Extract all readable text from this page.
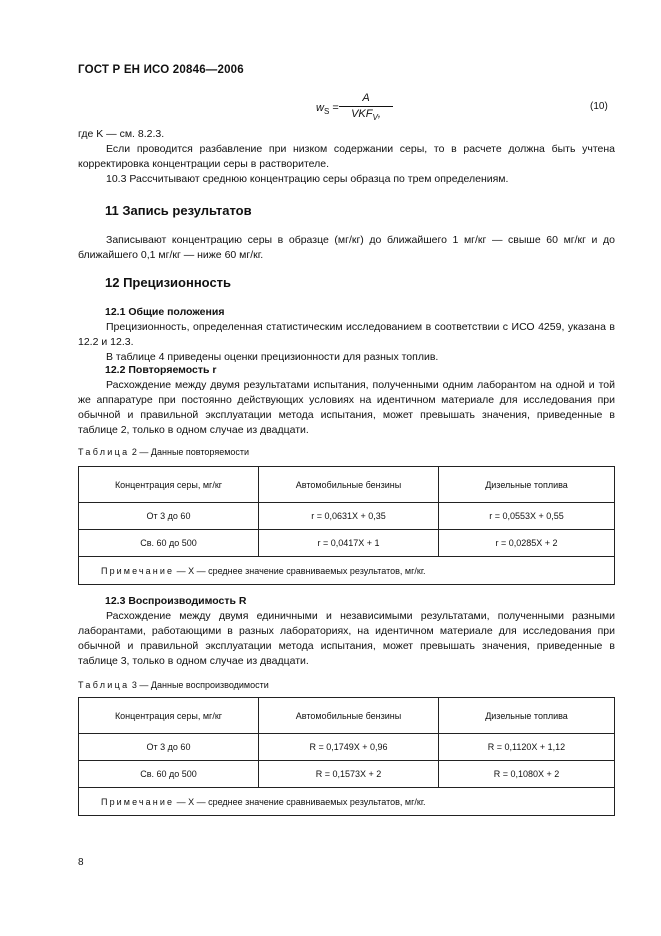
ГОСТ Р ЕН ИСО 20846—2006
$w_S$ =
A
$VKF_V$,
(10)
где K — см. 8.2.3.
Если проводится разбавление при низком содержании серы, то в расчете должна быть учтена корректировка концентрации серы в растворителе.
10.3 Рассчитывают среднюю концентрацию серы образца по трем определениям.
11 Запись результатов
Записывают концентрацию серы в образце (мг/кг) до ближайшего 1 мг/кг — свыше 60 мг/кг и до ближайшего 0,1 мг/кг — ниже 60 мг/кг.
12 Прецизионность
12.1 Общие положения
Прецизионность, определенная статистическим исследованием в соответствии с ИСО 4259, указана в 12.2 и 12.3.
В таблице 4 приведены оценки прецизионности для разных топлив.
12.2 Повторяемость r
Расхождение между двумя результатами испытания, полученными одним лаборантом на одной и той же аппаратуре при постоянно действующих условиях на идентичном материале для исследования при обычной и правильной эксплуатации метода испытания, может превышать значения, приведенные в таблице 2, только в одном случае из двадцати.
Таблица 2 — Данные повторяемости
Концентрация серы, мг/кг	Автомобильные бензины	Дизельные топлива
От 3 до 60	r = 0,0631X + 0,35	r = 0,0553X + 0,55
Св. 60 до 500	r = 0,0417X + 1	r = 0,0285X + 2
Примечание — X — среднее значение сравниваемых результатов, мг/кг.		
12.3 Воспроизводимость R
Расхождение между двумя единичными и независимыми результатами, полученными разными лаборантами, работающими в разных лабораториях, на идентичном материале для исследования при обычной и правильной эксплуатации метода испытания, может превышать значения, приведенные в таблице 3, только в одном случае из двадцати.
Таблица 3 — Данные воспроизводимости
Концентрация серы, мг/кг	Автомобильные бензины	Дизельные топлива
От 3 до 60	R = 0,1749X + 0,96	R = 0,1120X + 1,12
Св. 60 до 500	R = 0,1573X + 2	R = 0,1080X + 2
Примечание — X — среднее значение сравниваемых результатов, мг/кг.		
8
